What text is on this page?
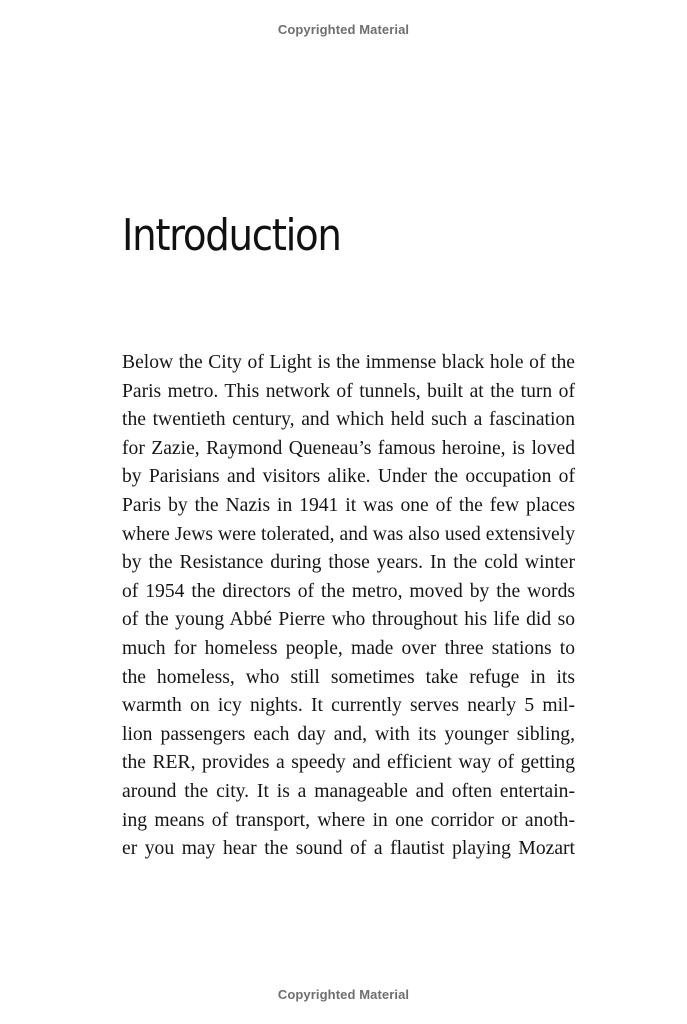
Copyrighted Material
Introduction
Below the City of Light is the immense black hole of the
Paris metro. This network of tunnels, built at the turn of
the twentieth century, and which held such a fascination
for Zazie, Raymond Queneau’s famous heroine, is loved
by Parisians and visitors alike. Under the occupation of
Paris by the Nazis in 1941 it was one of the few places
where Jews were tolerated, and was also used extensively
by the Resistance during those years. In the cold winter
of 1954 the directors of the metro, moved by the words
of the young Abbé Pierre who throughout his life did so
much for homeless people, made over three stations to
the homeless, who still sometimes take refuge in its
warmth on icy nights. It currently serves nearly 5 mil-
lion passengers each day and, with its younger sibling,
the RER, provides a speedy and efficient way of getting
around the city. It is a manageable and often entertain-
ing means of transport, where in one corridor or anoth-
er you may hear the sound of a flautist playing Mozart
Copyrighted Material
